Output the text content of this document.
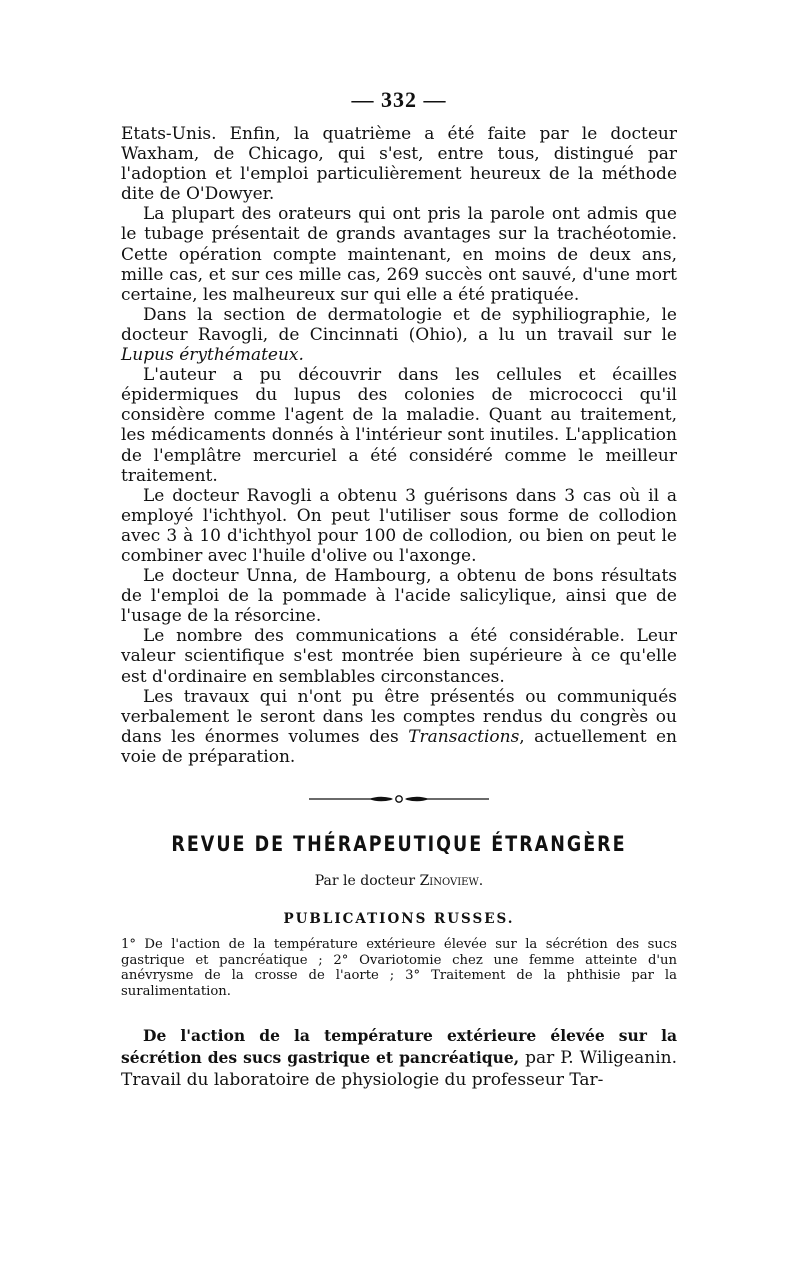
— 332 —

Etats-Unis. Enfin, la quatrième a été faite par le docteur Waxham, de Chicago, qui s'est, entre tous, distingué par l'adoption et l'emploi particulièrement heureux de la méthode dite de O'Dowyer.

La plupart des orateurs qui ont pris la parole ont admis que le tubage présentait de grands avantages sur la trachéotomie. Cette opération compte maintenant, en moins de deux ans, mille cas, et sur ces mille cas, 269 succès ont sauvé, d'une mort certaine, les malheureux sur qui elle a été pratiquée.

Dans la section de dermatologie et de syphiliographie, le docteur Ravogli, de Cincinnati (Ohio), a lu un travail sur le Lupus érythémateux.

L'auteur a pu découvrir dans les cellules et écailles épidermiques du lupus des colonies de micrococci qu'il considère comme l'agent de la maladie. Quant au traitement, les médicaments donnés à l'intérieur sont inutiles. L'application de l'emplâtre mercuriel a été considéré comme le meilleur traitement.

Le docteur Ravogli a obtenu 3 guérisons dans 3 cas où il a employé l'ichthyol. On peut l'utiliser sous forme de collodion avec 3 à 10 d'ichthyol pour 100 de collodion, ou bien on peut le combiner avec l'huile d'olive ou l'axonge.

Le docteur Unna, de Hambourg, a obtenu de bons résultats de l'emploi de la pommade à l'acide salicylique, ainsi que de l'usage de la résorcine.

Le nombre des communications a été considérable. Leur valeur scientifique s'est montrée bien supérieure à ce qu'elle est d'ordinaire en semblables circonstances.

Les travaux qui n'ont pu être présentés ou communiqués verbalement le seront dans les comptes rendus du congrès ou dans les énormes volumes des Transactions, actuellement en voie de préparation.

REVUE DE THÉRAPEUTIQUE ÉTRANGÈRE
Par le docteur Zinoview.
PUBLICATIONS RUSSES.

1° De l'action de la température extérieure élevée sur la sécrétion des sucs gastrique et pancréatique ; 2° Ovariotomie chez une femme atteinte d'un anévrysme de la crosse de l'aorte ; 3° Traitement de la phthisie par la suralimentation.

De l'action de la température extérieure élevée sur la sécrétion des sucs gastrique et pancréatique, par P. Wiligeanin. Travail du laboratoire de physiologie du professeur Tar-
